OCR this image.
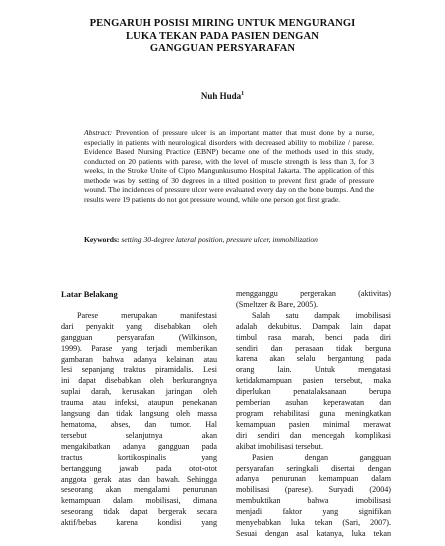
PENGARUH POSISI MIRING UNTUK MENGURANGI
LUKA TEKAN PADA PASIEN DENGAN
GANGGUAN PERSYARAFAN
Nuh Huda$^1$
Abstract: Prevention of pressure ulcer is an important matter that must done by a nurse, especially in patients with neurological disorders with decreased ability to mobilize / parese. Evidence Based Nursing Practice (EBNP) became one of the methods used in this study, conducted on 20 patients with parese, with the level of muscle strength is less than 3, for 3 weeks, in the Stroke Unite of Cipto Mangunkusumo Hospital Jakarta. The application of this methode was by setting of 30 degrees in a tilted position to prevent first grade of pressure wound. The incidences of pressure ulcer were evaluated every day on the bone bumps. And the results were 19 patients do not got pressure wound, while one person got first grade.
Keywords: setting 30-degree lateral position, pressure ulcer, immobilization
Latar Belakang
Parese merupakan manifestasi
dari penyakit yang disebabkan oleh
gangguan persyarafan (Wilkinson,
1999). Parase yang terjadi memberikan
gambaran bahwa adanya kelainan atau
lesi sepanjang traktus piramidalis. Lesi
ini dapat disebabkan oleh berkurangnya
suplai darah, kerusakan jaringan oleh
trauma atau infeksi, ataupun penekanan
langsung dan tidak langsung oleh massa
hematoma, abses, dan tumor. Hal
tersebut selanjutnya akan
mengakibatkan adanya gangguan pada
tractus kortikospinalis yang
bertanggung jawab pada otot-otot
anggota gerak atas dan bawah. Sehingga
seseorang akan mengalami penurunan
kemampuan dalam mobilisasi, dimana
seseorang tidak dapat bergerak secara
aktif/bebas karena kondisi yang
mengganggu pergerakan (aktivitas)
(Smeltzer & Bare, 2005).
Salah satu dampak imobilisasi
adalah dekubitus. Dampak lain dapat
timbul rasa marah, benci pada diri
sendiri dan perasaan tidak berguna
karena akan selalu bergantung pada
orang lain. Untuk mengatasi
ketidakmampuan pasien tersebut, maka
diperlukan penatalaksanaan berupa
pemberian asuhan keperawatan dan
program rehabilitasi guna meningkatkan
kemampuan pasien minimal merawat
diri sendiri dan mencegah komplikasi
akibat imobilisasi tersebut.
Pasien dengan gangguan
persyarafan seringkali disertai dengan
adanya penurunan kemampuan dalam
mobilisasi (parese). Suryadi (2004)
membuktikan bahwa imobilisasi
menjadi faktor yang signifikan
menyebabkan luka tekan (Sari, 2007).
Sesuai dengan asal katanya, luka tekan
